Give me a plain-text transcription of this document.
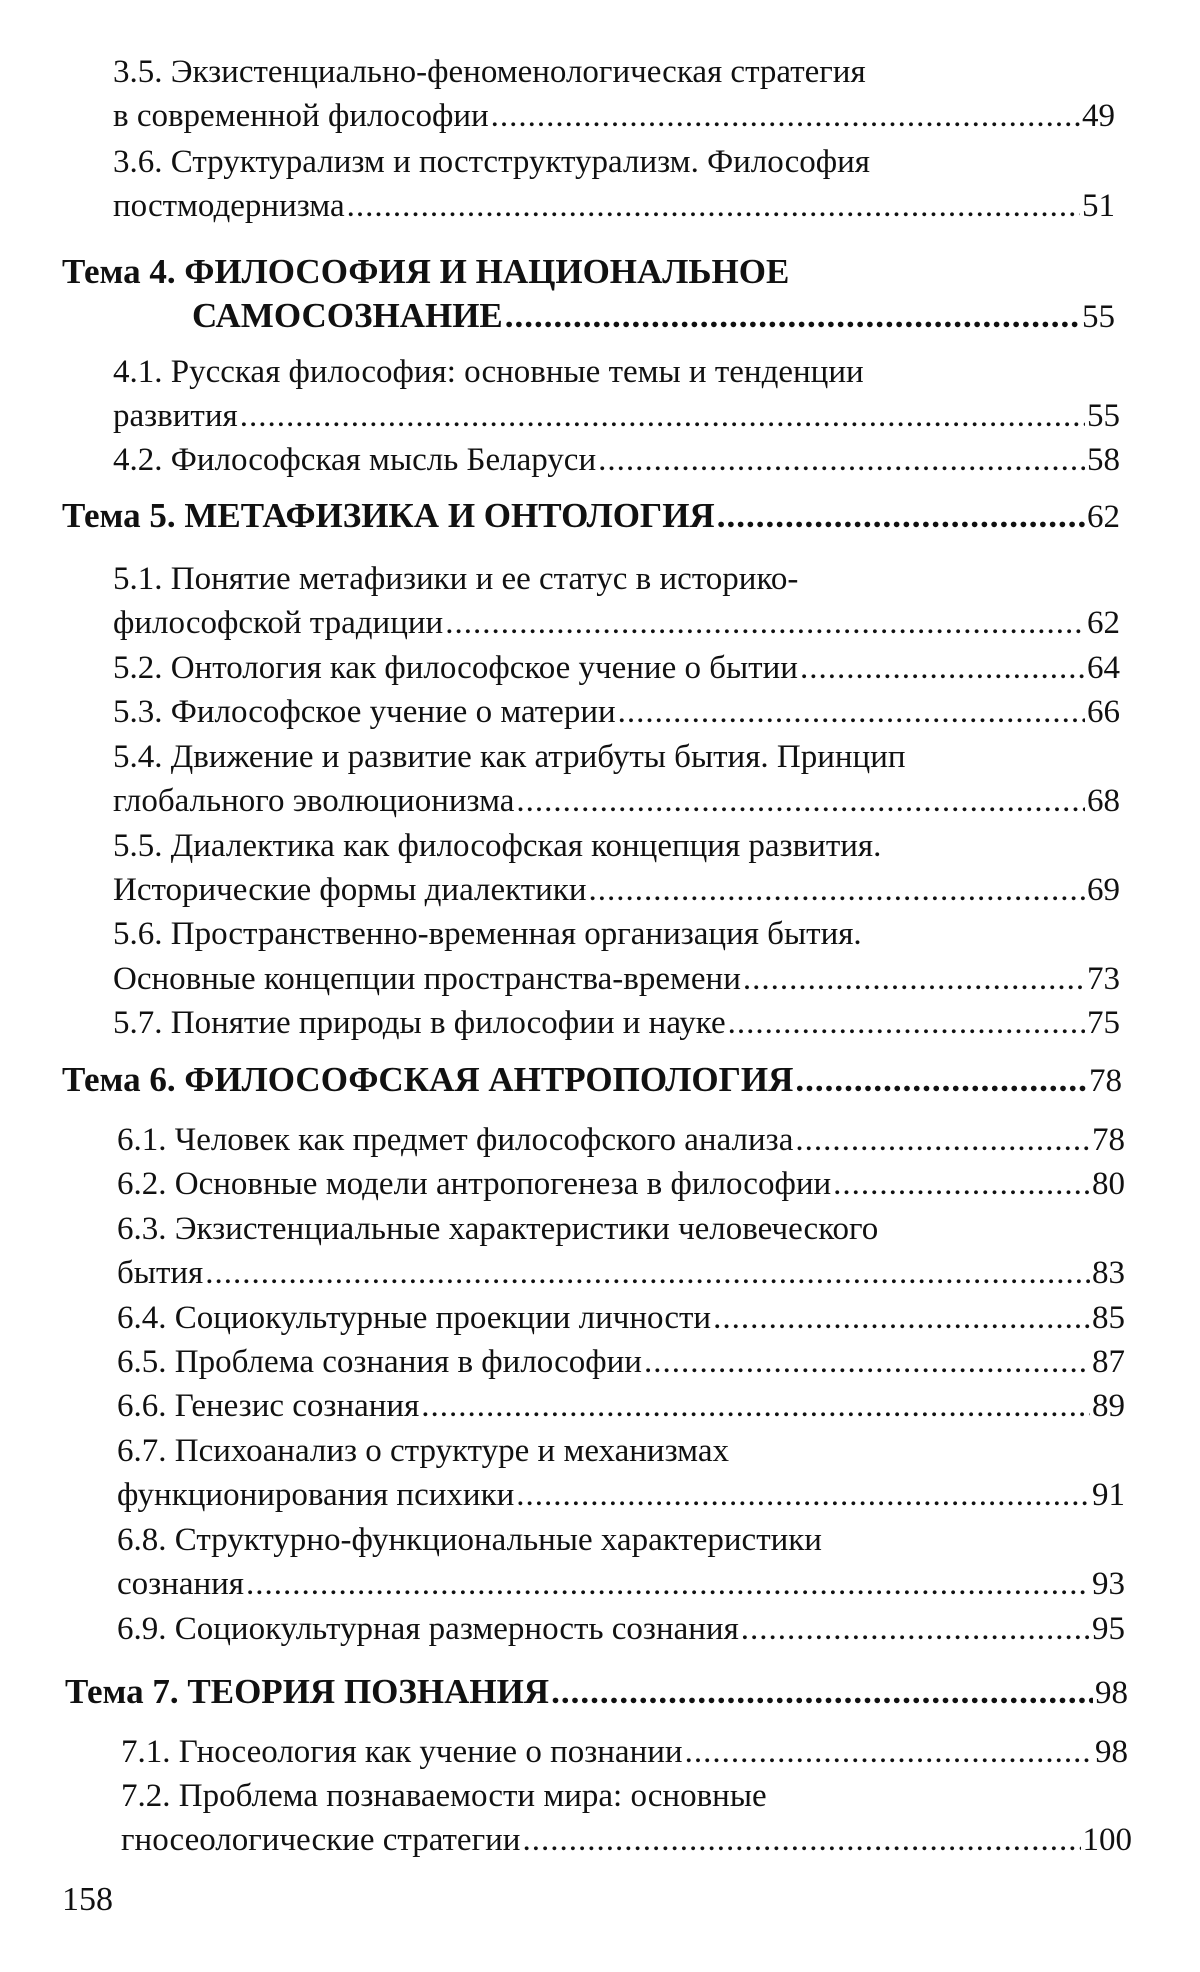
3.5. Экзистенциально-феноменологическая стратегия
в современной философии .....	49
3.6. Структурализм и постструктурализм. Философия
постмодернизма .....	51
Тема 4. ФИЛОСОФИЯ И НАЦИОНАЛЬНОЕ
САМОСОЗНАНИЕ .....	55
4.1. Русская философия: основные темы и тенденции
развития .....	55
4.2. Философская мысль Беларуси .....	58
Тема 5. МЕТАФИЗИКА И ОНТОЛОГИЯ .....	62
5.1. Понятие метафизики и ее статус в историко-
философской традиции .....	62
5.2. Онтология как философское учение о бытии .....	64
5.3. Философское учение о материи .....	66
5.4. Движение и развитие как атрибуты бытия. Принцип
глобального эволюционизма .....	68
5.5. Диалектика как философская концепция развития.
Исторические формы диалектики .....	69
5.6. Пространственно-временная организация бытия.
Основные концепции пространства-времени .....	73
5.7. Понятие природы в философии и науке .....	75
Тема 6. ФИЛОСОФСКАЯ АНТРОПОЛОГИЯ .....	78
6.1. Человек как предмет философского анализа .....	78
6.2. Основные модели антропогенеза в философии .....	80
6.3. Экзистенциальные характеристики человеческого
бытия .....	83
6.4. Социокультурные проекции личности .....	85
6.5. Проблема сознания в философии .....	87
6.6. Генезис сознания .....	89
6.7. Психоанализ о структуре и механизмах
функционирования психики .....	91
6.8. Структурно-функциональные характеристики
сознания .....	93
6.9. Социокультурная размерность сознания .....	95
Тема 7. ТЕОРИЯ ПОЗНАНИЯ .....	98
7.1. Гносеология как учение о познании .....	98
7.2. Проблема познаваемости мира: основные
гносеологические стратегии .....	100
158
